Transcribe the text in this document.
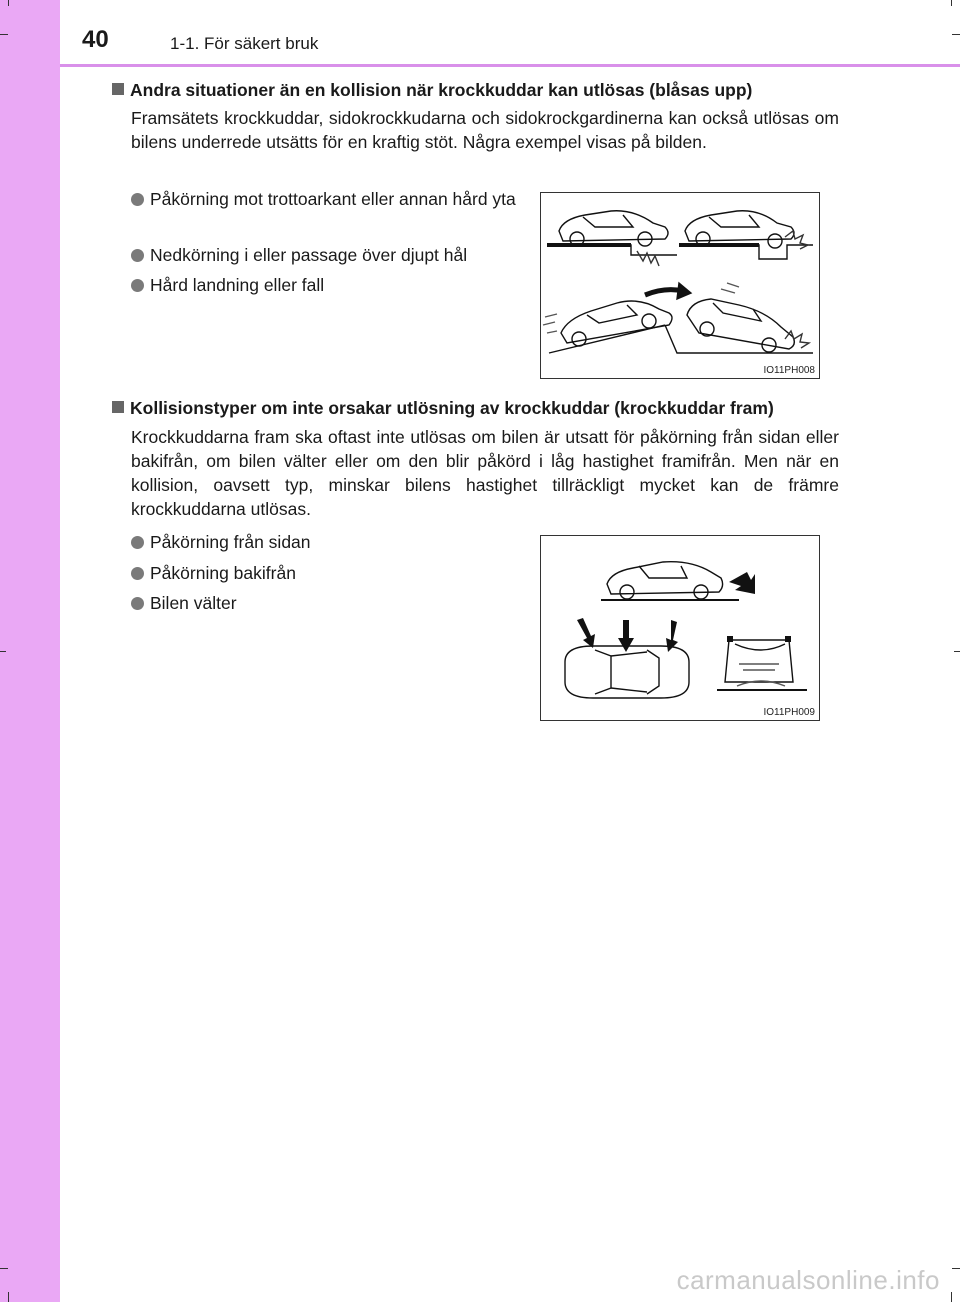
40	1-1. För säkert bruk
Andra situationer än en kollision när krockkuddar kan utlösas (blåsas upp)
Framsätets krockkuddar, sidokrockkudarna och sidokrockgardinerna kan också utlösas om bilens underrede utsätts för en kraftig stöt. Några exempel visas på bilden.
Påkörning mot trottoarkant eller annan hård yta
Nedkörning i eller passage över djupt hål
Hård landning eller fall
IO11PH008
Kollisionstyper om inte orsakar utlösning av krockkuddar (krockkuddar fram)
Krockkuddarna fram ska oftast inte utlösas om bilen är utsatt för påkörning från sidan eller bakifrån, om bilen välter eller om den blir påkörd i låg hastighet framifrån. Men när en kollision, oavsett typ, minskar bilens hastighet tillräckligt mycket kan de främre krockkuddarna utlösas.
Påkörning från sidan
Påkörning bakifrån
Bilen välter
IO11PH009
carmanualsonline.info
